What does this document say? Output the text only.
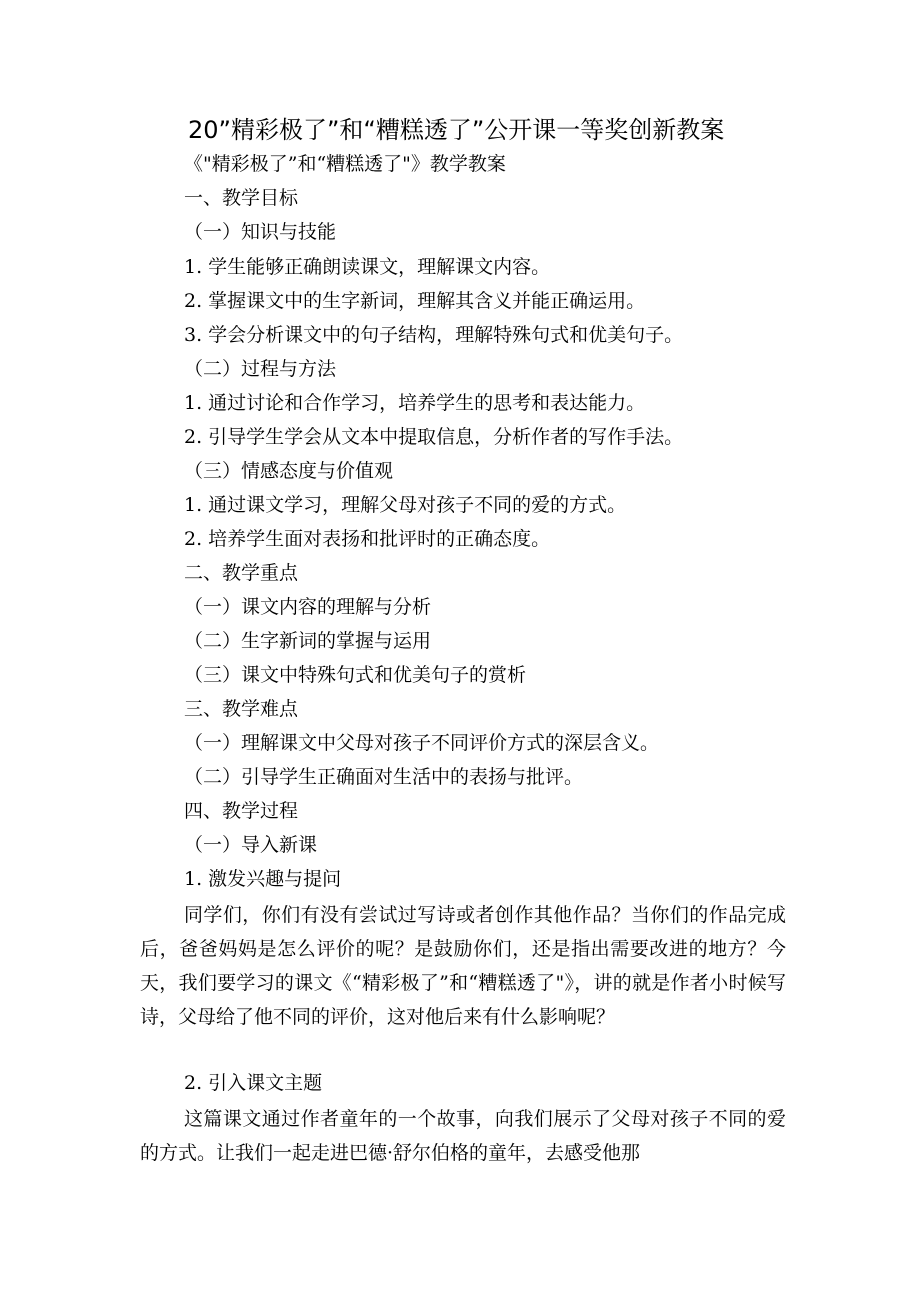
20”精彩极了”和“糟糕透了”公开课一等奖创新教案
《"精彩极了”和“糟糕透了"》教学教案
一、教学目标
（一）知识与技能
1. 学生能够正确朗读课文，理解课文内容。
2. 掌握课文中的生字新词，理解其含义并能正确运用。
3. 学会分析课文中的句子结构，理解特殊句式和优美句子。
（二）过程与方法
1. 通过讨论和合作学习，培养学生的思考和表达能力。
2. 引导学生学会从文本中提取信息，分析作者的写作手法。
（三）情感态度与价值观
1. 通过课文学习，理解父母对孩子不同的爱的方式。
2. 培养学生面对表扬和批评时的正确态度。
二、教学重点
（一）课文内容的理解与分析
（二）生字新词的掌握与运用
（三）课文中特殊句式和优美句子的赏析
三、教学难点
（一）理解课文中父母对孩子不同评价方式的深层含义。
（二）引导学生正确面对生活中的表扬与批评。
四、教学过程
（一）导入新课
1. 激发兴趣与提问
同学们，你们有没有尝试过写诗或者创作其他作品？当你们的作品完成后，爸爸妈妈是怎么评价的呢？是鼓励你们，还是指出需要改进的地方？今天，我们要学习的课文《“精彩极了”和“糟糕透了"》，讲的就是作者小时候写诗，父母给了他不同的评价，这对他后来有什么影响呢？
2. 引入课文主题
这篇课文通过作者童年的一个故事，向我们展示了父母对孩子不同的爱的方式。让我们一起走进巴德·舒尔伯格的童年，去感受他那
